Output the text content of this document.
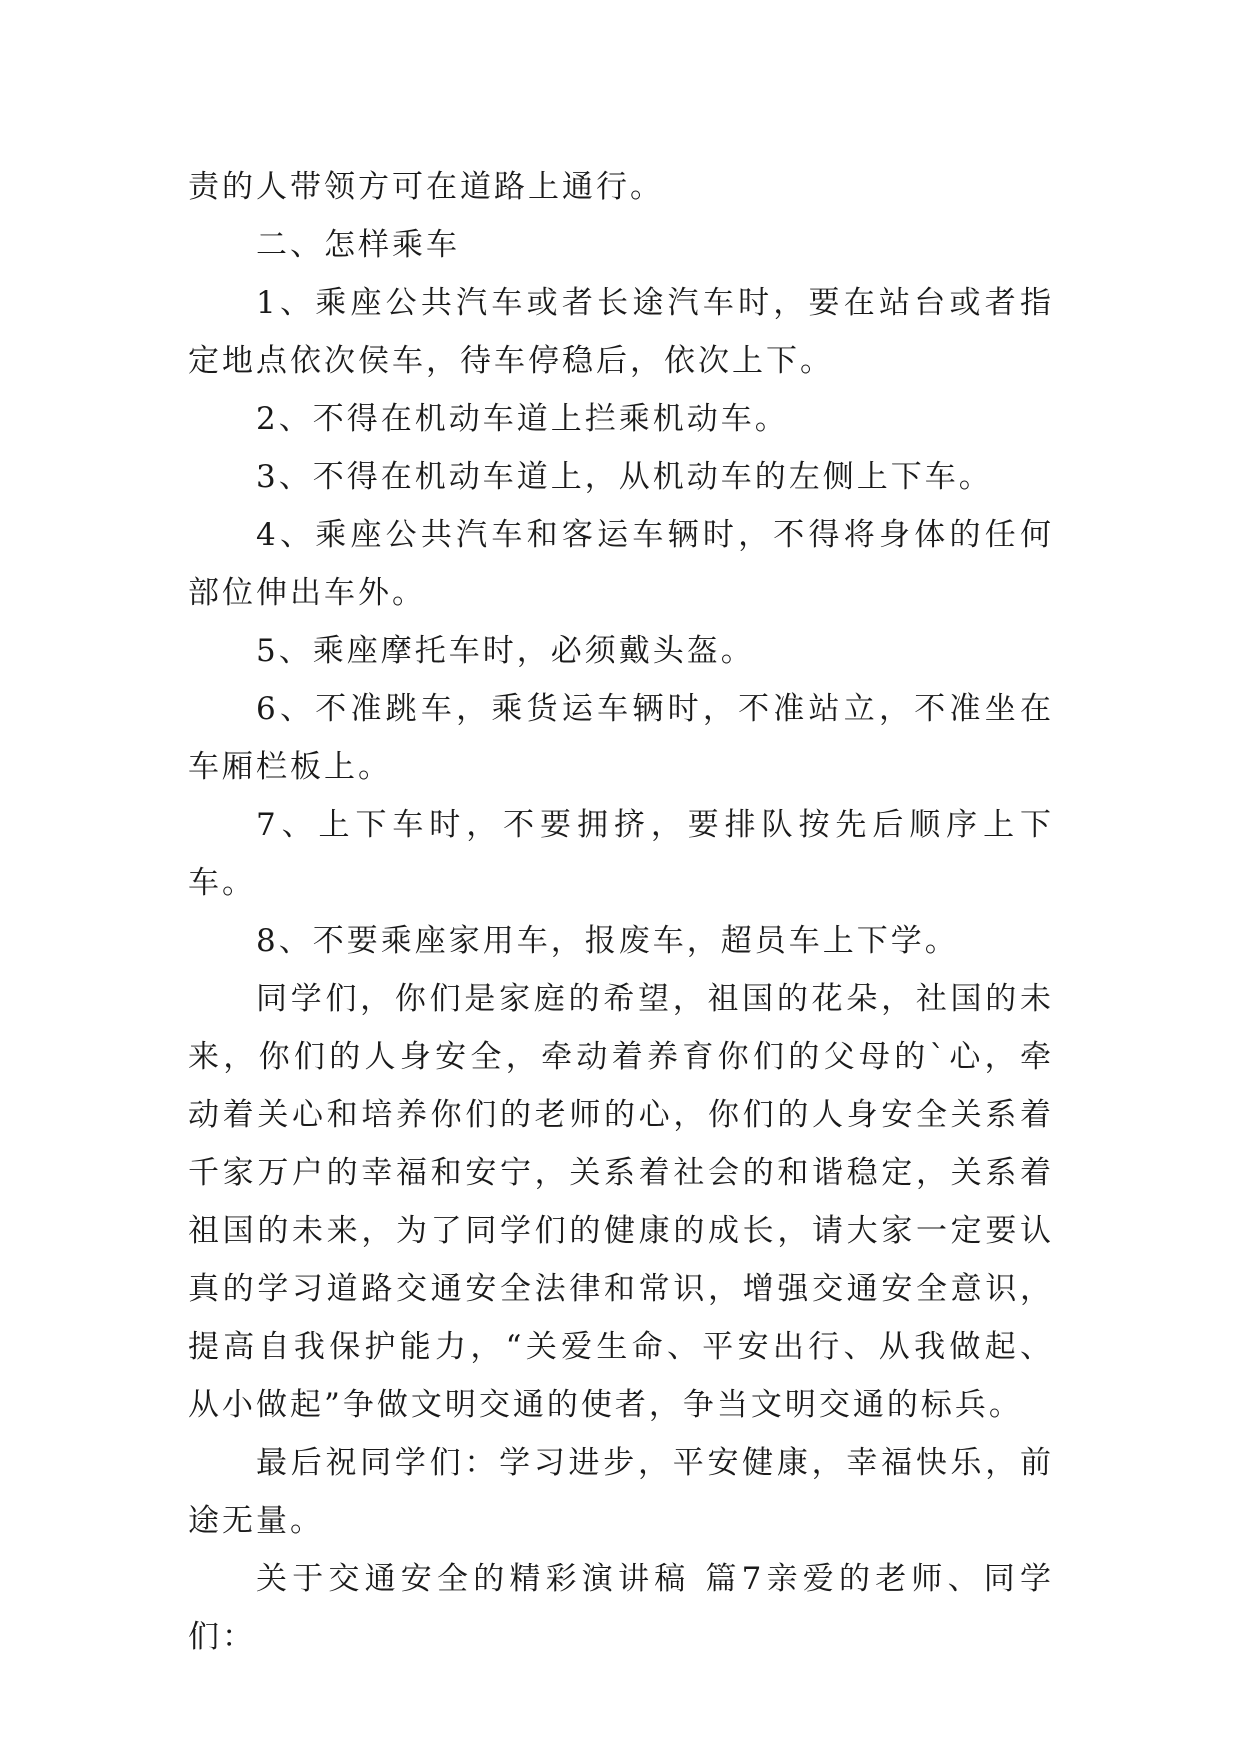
责的人带领方可在道路上通行。

二、怎样乘车

1、乘座公共汽车或者长途汽车时，要在站台或者指定地点依次侯车，待车停稳后，依次上下。

2、不得在机动车道上拦乘机动车。

3、不得在机动车道上，从机动车的左侧上下车。

4、乘座公共汽车和客运车辆时，不得将身体的任何部位伸出车外。

5、乘座摩托车时，必须戴头盔。

6、不准跳车，乘货运车辆时，不准站立，不准坐在车厢栏板上。

7、上下车时，不要拥挤，要排队按先后顺序上下车。

8、不要乘座家用车，报废车，超员车上下学。

同学们，你们是家庭的希望，祖国的花朵，社国的未来，你们的人身安全，牵动着养育你们的父母的`心，牵动着关心和培养你们的老师的心，你们的人身安全关系着千家万户的幸福和安宁，关系着社会的和谐稳定，关系着祖国的未来，为了同学们的健康的成长，请大家一定要认真的学习道路交通安全法律和常识，增强交通安全意识，提高自我保护能力，“关爱生命、平安出行、从我做起、从小做起”争做文明交通的使者，争当文明交通的标兵。

最后祝同学们：学习进步，平安健康，幸福快乐，前途无量。

关于交通安全的精彩演讲稿 篇7亲爱的老师、同学们：
